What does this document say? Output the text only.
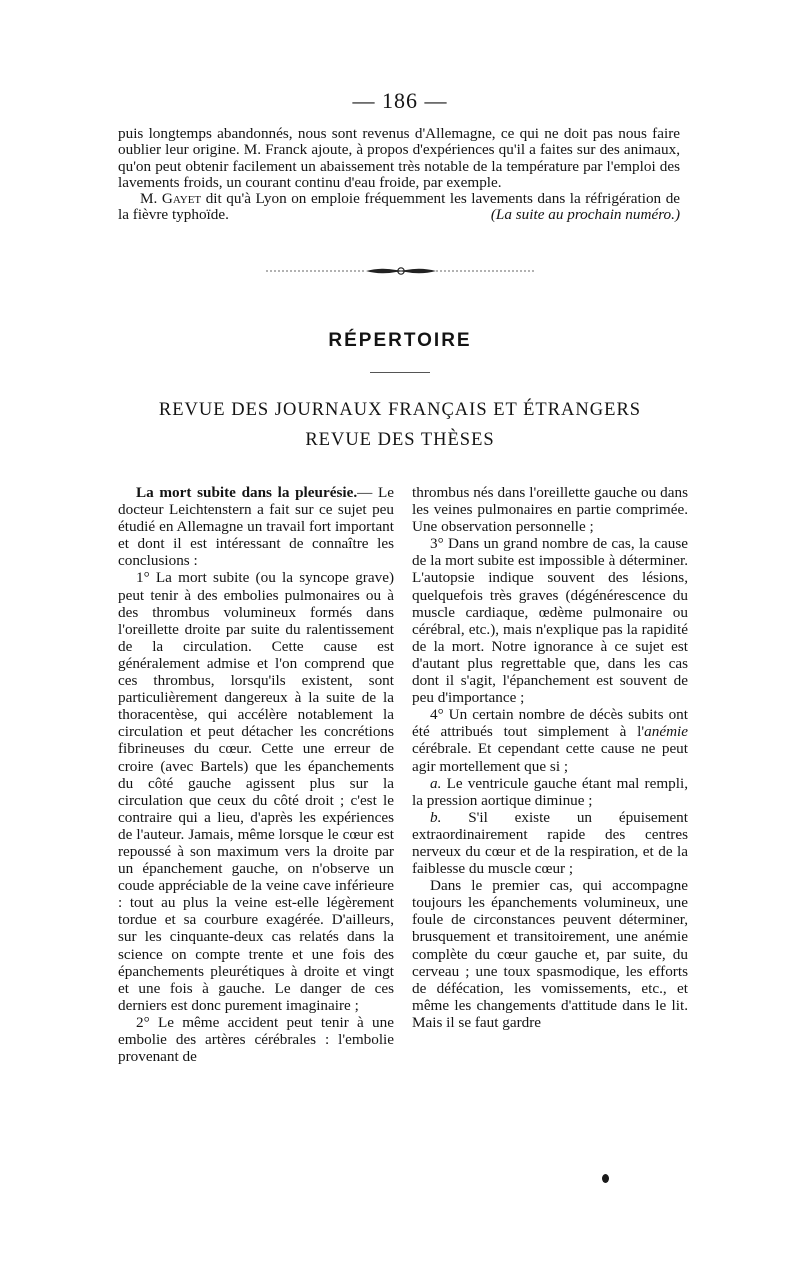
— 186 —

puis longtemps abandonnés, nous sont revenus d'Allemagne, ce qui ne doit pas nous faire oublier leur origine. M. Franck ajoute, à propos d'expériences qu'il a faites sur des animaux, qu'on peut obtenir facilement un abaissement très notable de la température par l'emploi des lavements froids, un courant continu d'eau froide, par exemple.

M. Gayet dit qu'à Lyon on emploie fréquemment les lavements dans la réfrigération de la fièvre typhoïde.	(La suite au prochain numéro.)

RÉPERTOIRE
REVUE DES JOURNAUX FRANÇAIS ET ÉTRANGERS
REVUE DES THÈSES

La mort subite dans la pleurésie.— Le docteur Leichtenstern a fait sur ce sujet peu étudié en Allemagne un travail fort important et dont il est intéressant de connaître les conclusions :

1° La mort subite (ou la syncope grave) peut tenir à des embolies pulmonaires ou à des thrombus volumineux formés dans l'oreillette droite par suite du ralentissement de la circulation. Cette cause est généralement admise et l'on comprend que ces thrombus, lorsqu'ils existent, sont particulièrement dangereux à la suite de la thoracentèse, qui accélère notablement la circulation et peut détacher les concrétions fibrineuses du cœur. Cette une erreur de croire (avec Bartels) que les épanchements du côté gauche agissent plus sur la circulation que ceux du côté droit ; c'est le contraire qui a lieu, d'après les expériences de l'auteur. Jamais, même lorsque le cœur est repoussé à son maximum vers la droite par un épanchement gauche, on n'observe un coude appréciable de la veine cave inférieure : tout au plus la veine est-elle légèrement tordue et sa courbure exagérée. D'ailleurs, sur les cinquante-deux cas relatés dans la science on compte trente et une fois des épanchements pleurétiques à droite et vingt et une fois à gauche. Le danger de ces derniers est donc purement imaginaire ;

2° Le même accident peut tenir à une embolie des artères cérébrales : l'embolie provenant de

thrombus nés dans l'oreillette gauche ou dans les veines pulmonaires en partie comprimée. Une observation personnelle ;

3° Dans un grand nombre de cas, la cause de la mort subite est impossible à déterminer. L'autopsie indique souvent des lésions, quelquefois très graves (dégénérescence du muscle cardiaque, œdème pulmonaire ou cérébral, etc.), mais n'explique pas la rapidité de la mort. Notre ignorance à ce sujet est d'autant plus regrettable que, dans les cas dont il s'agit, l'épanchement est souvent de peu d'importance ;

4° Un certain nombre de décès subits ont été attribués tout simplement à l'anémie cérébrale. Et cependant cette cause ne peut agir mortellement que si ;

a. Le ventricule gauche étant mal rempli, la pression aortique diminue ;

b. S'il existe un épuisement extraordinairement rapide des centres nerveux du cœur et de la respiration, et de la faiblesse du muscle cœur ;

Dans le premier cas, qui accompagne toujours les épanchements volumineux, une foule de circonstances peuvent déterminer, brusquement et transitoirement, une anémie complète du cœur gauche et, par suite, du cerveau ; une toux spasmodique, les efforts de défécation, les vomissements, etc., et même les changements d'attitude dans le lit. Mais il se faut gardre
